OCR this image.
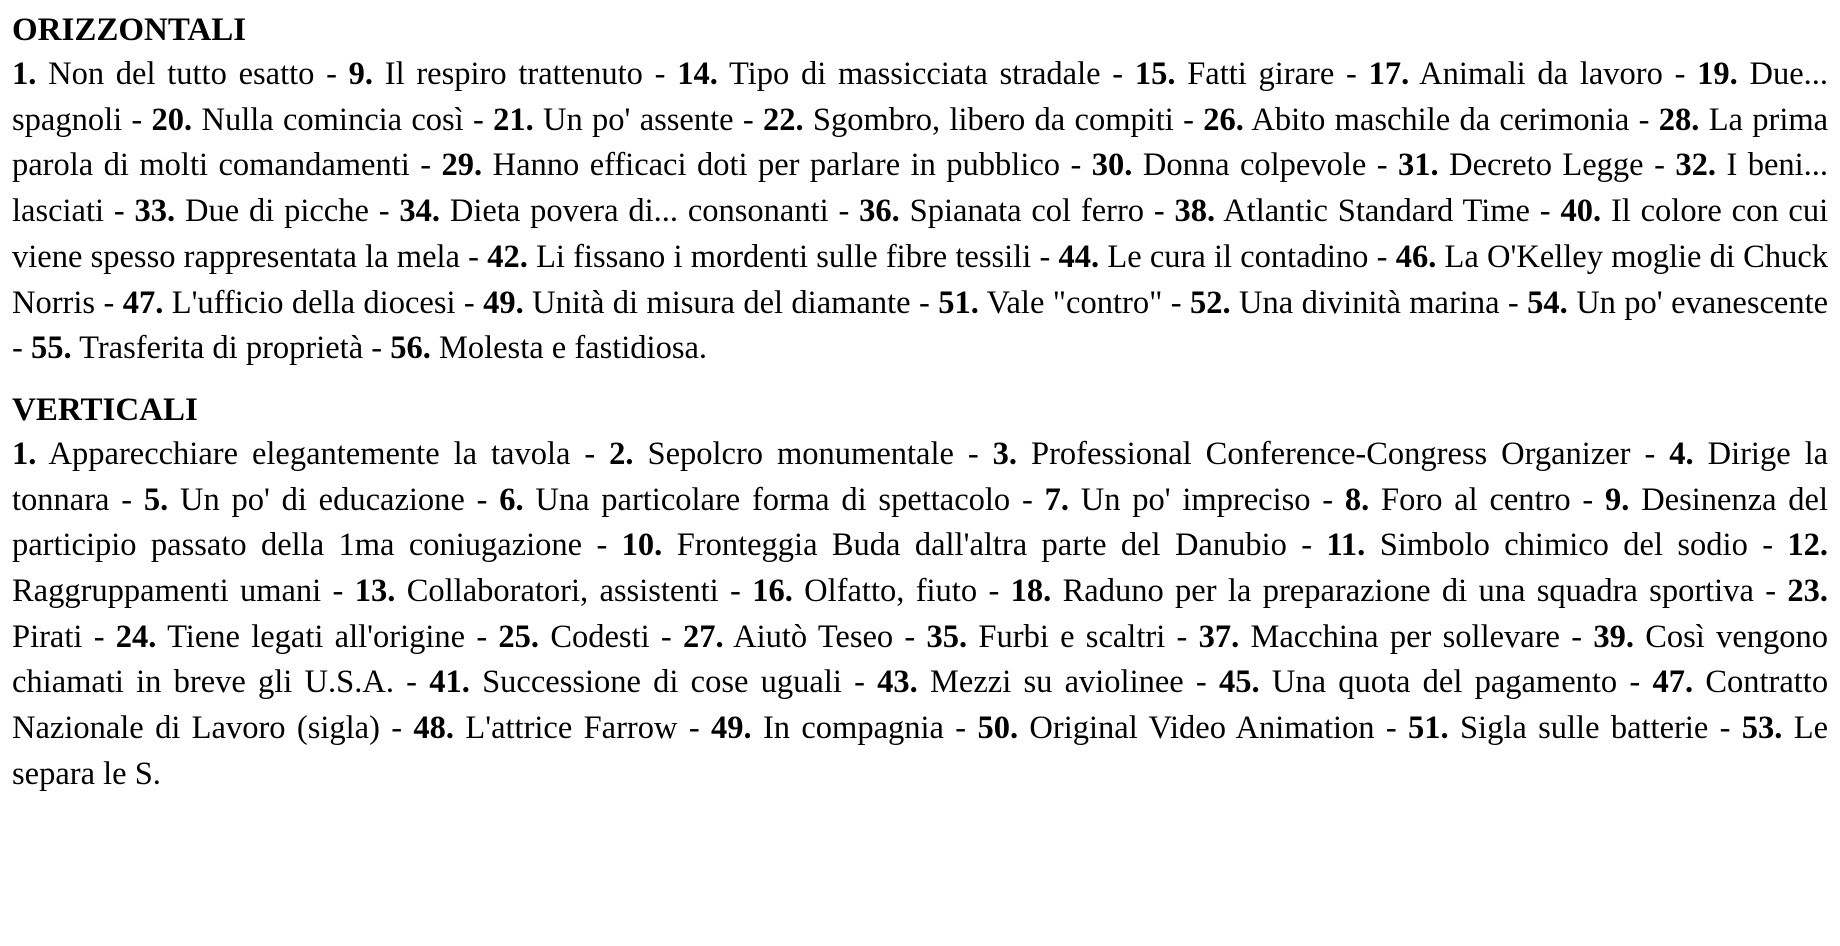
ORIZZONTALI

1. Non del tutto esatto - 9. Il respiro trattenuto - 14. Tipo di massicciata stradale - 15. Fatti girare - 17. Animali da lavoro - 19. Due... spagnoli - 20. Nulla comincia così - 21. Un po' assente - 22. Sgombro, libero da compiti - 26. Abito maschile da cerimonia - 28. La prima parola di molti comandamenti - 29. Hanno efficaci doti per parlare in pubblico - 30. Donna colpevole - 31. Decreto Legge - 32. I beni... lasciati - 33. Due di picche - 34. Dieta povera di... consonanti - 36. Spianata col ferro - 38. Atlantic Standard Time - 40. Il colore con cui viene spesso rappresentata la mela - 42. Li fissano i mordenti sulle fibre tessili - 44. Le cura il contadino - 46. La O'Kelley moglie di Chuck Norris - 47. L'ufficio della diocesi - 49. Unità di misura del diamante - 51. Vale "contro" - 52. Una divinità marina - 54. Un po' evanescente - 55. Trasferita di proprietà - 56. Molesta e fastidiosa.

VERTICALI

1. Apparecchiare elegantemente la tavola - 2. Sepolcro monumentale - 3. Professional Conference-Congress Organizer - 4. Dirige la tonnara - 5. Un po' di educazione - 6. Una particolare forma di spettacolo - 7. Un po' impreciso - 8. Foro al centro - 9. Desinenza del participio passato della 1ma coniugazione - 10. Fronteggia Buda dall'altra parte del Danubio - 11. Simbolo chimico del sodio - 12. Raggruppamenti umani - 13. Collaboratori, assistenti - 16. Olfatto, fiuto - 18. Raduno per la preparazione di una squadra sportiva - 23. Pirati - 24. Tiene legati all'origine - 25. Codesti - 27. Aiutò Teseo - 35. Furbi e scaltri - 37. Macchina per sollevare - 39. Così vengono chiamati in breve gli U.S.A. - 41. Successione di cose uguali - 43. Mezzi su aviolinee - 45. Una quota del pagamento - 47. Contratto Nazionale di Lavoro (sigla) - 48. L'attrice Farrow - 49. In compagnia - 50. Original Video Animation - 51. Sigla sulle batterie - 53. Le separa le S.
